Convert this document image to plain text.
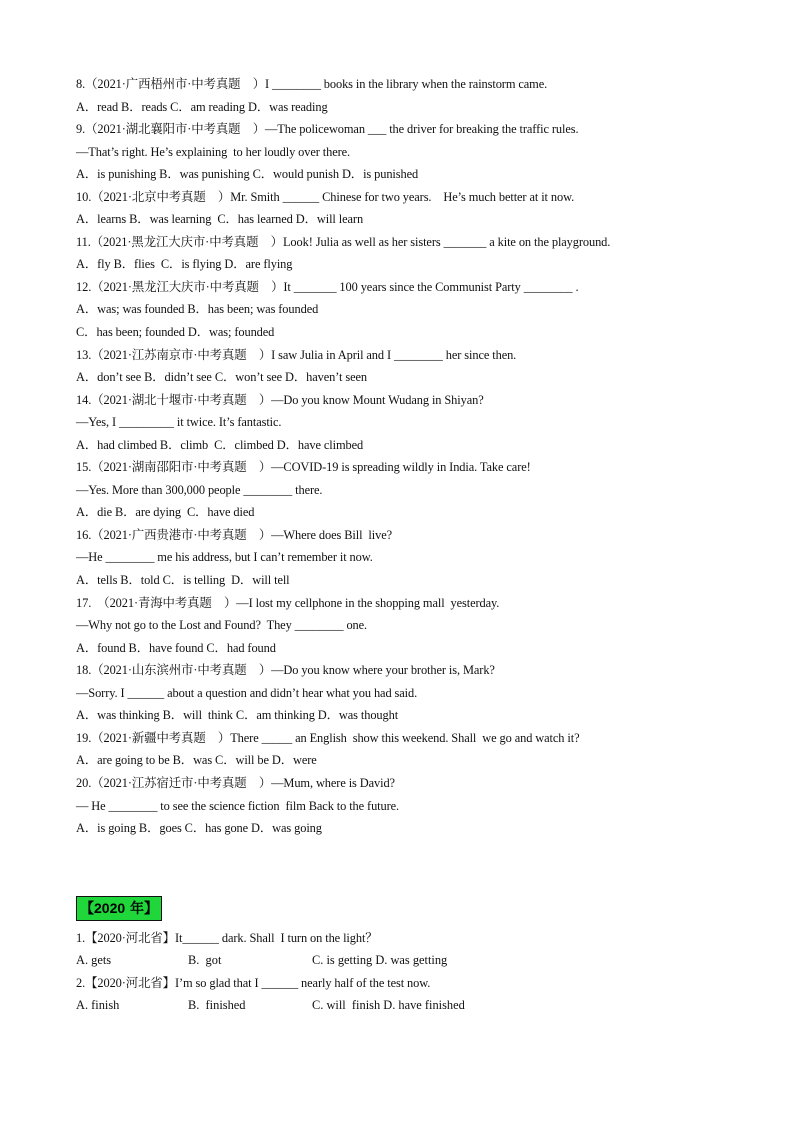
8.（2021·广西梧州市·中考真题　）I ________ books in the library when the rainstorm came.
A．read B．reads C．am reading D．was reading
9.（2021·湖北襄阳市·中考真题　）—The policewoman ___ the driver for breaking the traffic rules.
—That’s right. He’s explaining  to her loudly over there.
A．is punishing B．was punishing C．would punish D．is punished
10.（2021·北京中考真题　）Mr. Smith ______ Chinese for two years.    He’s much better at it now.
A．learns B．was learning  C．has learned D．will learn
11.（2021·黑龙江大庆市·中考真题　）Look! Julia as well as her sisters _______ a kite on the playground.
A．fly B．flies  C．is flying D．are flying
12.（2021·黑龙江大庆市·中考真题　）It _______ 100 years since the Communist Party ________ .
A．was; was founded B．has been; was founded
C．has been; founded D．was; founded
13.（2021·江苏南京市·中考真题　）I saw Julia in April and I ________ her since then.
A．don’t see B．didn’t see C．won’t see D．haven’t seen
14.（2021·湖北十堰市·中考真题　）—Do you know Mount Wudang in Shiyan?
—Yes, I _________ it twice. It’s fantastic.
A．had climbed B．climb  C．climbed D．have climbed
15.（2021·湖南邵阳市·中考真题　）—COVID-19 is spreading wildly in India. Take care!
—Yes. More than 300,000 people ________ there.
A．die B．are dying  C．have died
16.（2021·广西贵港市·中考真题　）—Where does Bill  live?
—He ________ me his address, but I can’t remember it now.
A．tells B．told C．is telling  D．will tell
17.　（2021·青海中考真题　）—I lost my cellphone in the shopping mall  yesterday.
—Why not go to the Lost and Found?  They ________ one.
A．found B．have found C．had found
18.（2021·山东滨州市·中考真题　）—Do you know where your brother is, Mark?
—Sorry. I ______ about a question and didn’t hear what you had said.
A．was thinking B．will  think C．am thinking D．was thought
19.（2021·新疆中考真题　）There _____ an English  show this weekend. Shall  we go and watch it?
A．are going to be B．was C．will be D．were
20.（2021·江苏宿迁市·中考真题　）—Mum, where is David?
— He ________ to see the science fiction  film Back to the future.
A．is going B．goes C．has gone D．was going
【2020 年】
1.【2020·河北省】It______ dark. Shall  I turn on the light？
A. gets	B.  got	C. is getting D. was getting
2.【2020·河北省】I’m so glad that I ______ nearly half of the test now.
A. finish	B.  finished	C. will  finish D. have finished
